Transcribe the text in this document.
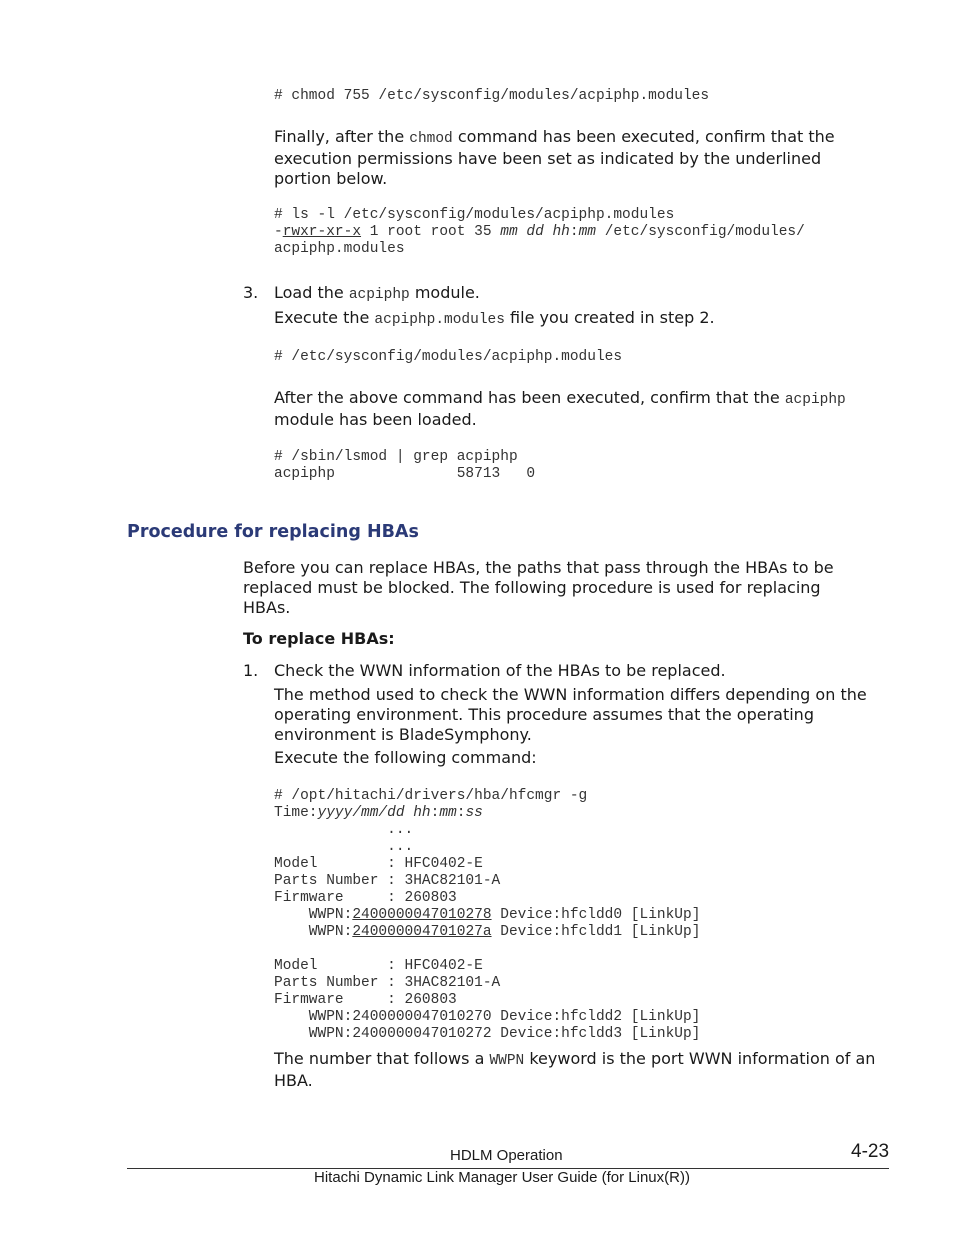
# chmod 755 /etc/sysconfig/modules/acpiphp.modules
Finally, after the chmod command has been executed, confirm that the execution permissions have been set as indicated by the underlined portion below.
# ls -l /etc/sysconfig/modules/acpiphp.modules
-rwxr-xr-x 1 root root 35 mm dd hh:mm /etc/sysconfig/modules/
acpiphp.modules
3. Load the acpiphp module.
Execute the acpiphp.modules file you created in step 2.
# /etc/sysconfig/modules/acpiphp.modules
After the above command has been executed, confirm that the acpiphp
module has been loaded.
# /sbin/lsmod | grep acpiphp
acpiphp              58713   0
Procedure for replacing HBAs
Before you can replace HBAs, the paths that pass through the HBAs to be replaced must be blocked. The following procedure is used for replacing HBAs.
To replace HBAs:
1. Check the WWN information of the HBAs to be replaced.
The method used to check the WWN information differs depending on the operating environment. This procedure assumes that the operating environment is BladeSymphony.
Execute the following command:
# /opt/hitachi/drivers/hba/hfcmgr -g
Time:yyyy/mm/dd hh:mm:ss
...
...
Model        : HFC0402-E
Parts Number : 3HAC82101-A
Firmware     : 260803
WWPN:2400000047010278 Device:hfcldd0 [LinkUp]
WWPN:240000004701027a Device:hfcldd1 [LinkUp]
Model        : HFC0402-E
Parts Number : 3HAC82101-A
Firmware     : 260803
WWPN:2400000047010270 Device:hfcldd2 [LinkUp]
WWPN:2400000047010272 Device:hfcldd3 [LinkUp]
The number that follows a WWPN keyword is the port WWN information of an HBA.
HDLM Operation	4-23
Hitachi Dynamic Link Manager User Guide (for Linux(R))
